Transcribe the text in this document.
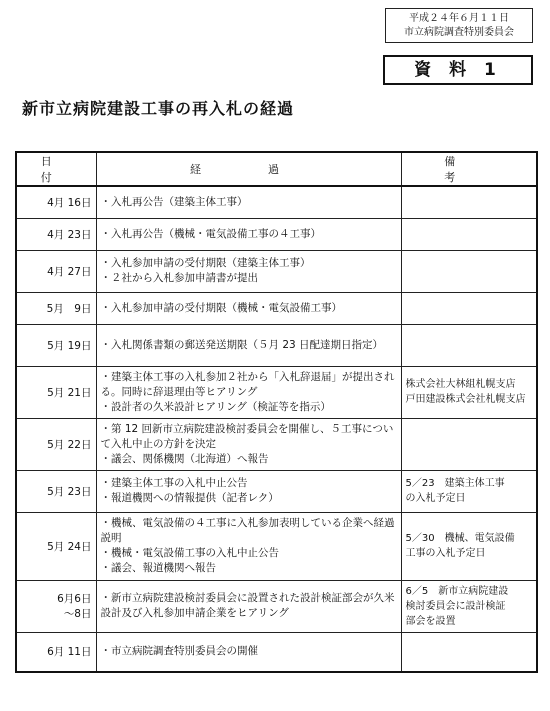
平成２４年６月１１日
市立病院調査特別委員会
資 料 1
新市立病院建設工事の再入札の経過
日　付	経　過	備　考

4月 16日	・入札再公告（建築主体工事）	

4月 23日	・入札再公告（機械・電気設備工事の４工事）	

4月 27日	・入札参加申請の受付期限（建築主体工事）
・２社から入札参加申請書が提出	

5月　9日	・入札参加申請の受付期限（機械・電気設備工事）	

5月 19日	・入札関係書類の郵送発送期限（５月 23 日配達期日指定）	

5月 21日	・建築主体工事の入札参加２社から「入札辞退届」が提出される。同時に辞退理由等ヒアリング
・設計者の久米設計ヒアリング（検証等を指示）	株式会社大林組札幌支店
戸田建設株式会社札幌支店

5月 22日	・第 12 回新市立病院建設検討委員会を開催し、５工事について入札中止の方針を決定
・議会、関係機関（北海道）へ報告	

5月 23日	・建築主体工事の入札中止公告
・報道機関への情報提供（記者レク）	5／23　建築主体工事
の入札予定日

5月 24日	・機械、電気設備の４工事に入札参加表明している企業へ経過説明
・機械・電気設備工事の入札中止公告
・議会、報道機関へ報告	5／30　機械、電気設備
工事の入札予定日

6月6日
～8日	・新市立病院建設検討委員会に設置された設計検証部会が久米設計及び入札参加申請企業をヒアリング	6／5　新市立病院建設
検討委員会に設計検証
部会を設置

6月 11日	・市立病院調査特別委員会の開催	
